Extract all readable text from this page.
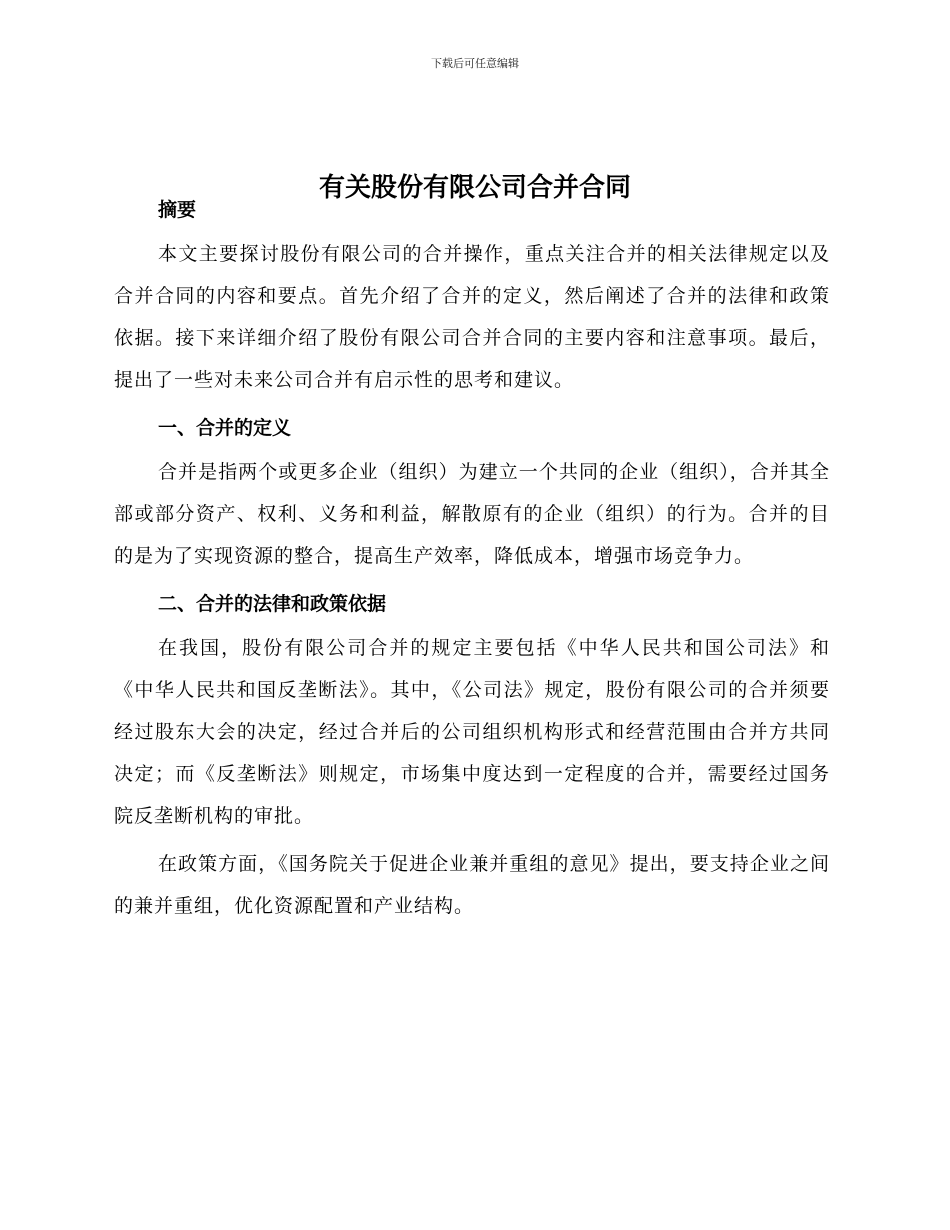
下载后可任意编辑
有关股份有限公司合并合同
摘要

本文主要探讨股份有限公司的合并操作，重点关注合并的相关法律规定以及合并合同的内容和要点。首先介绍了合并的定义，然后阐述了合并的法律和政策依据。接下来详细介绍了股份有限公司合并合同的主要内容和注意事项。最后，提出了一些对未来公司合并有启示性的思考和建议。

一、合并的定义

合并是指两个或更多企业（组织）为建立一个共同的企业（组织），合并其全部或部分资产、权利、义务和利益，解散原有的企业（组织）的行为。合并的目的是为了实现资源的整合，提高生产效率，降低成本，增强市场竞争力。

二、合并的法律和政策依据

在我国，股份有限公司合并的规定主要包括《中华人民共和国公司法》和《中华人民共和国反垄断法》。其中，《公司法》规定，股份有限公司的合并须要经过股东大会的决定，经过合并后的公司组织机构形式和经营范围由合并方共同决定；而《反垄断法》则规定，市场集中度达到一定程度的合并，需要经过国务院反垄断机构的审批。

在政策方面，《国务院关于促进企业兼并重组的意见》提出，要支持企业之间的兼并重组，优化资源配置和产业结构。
